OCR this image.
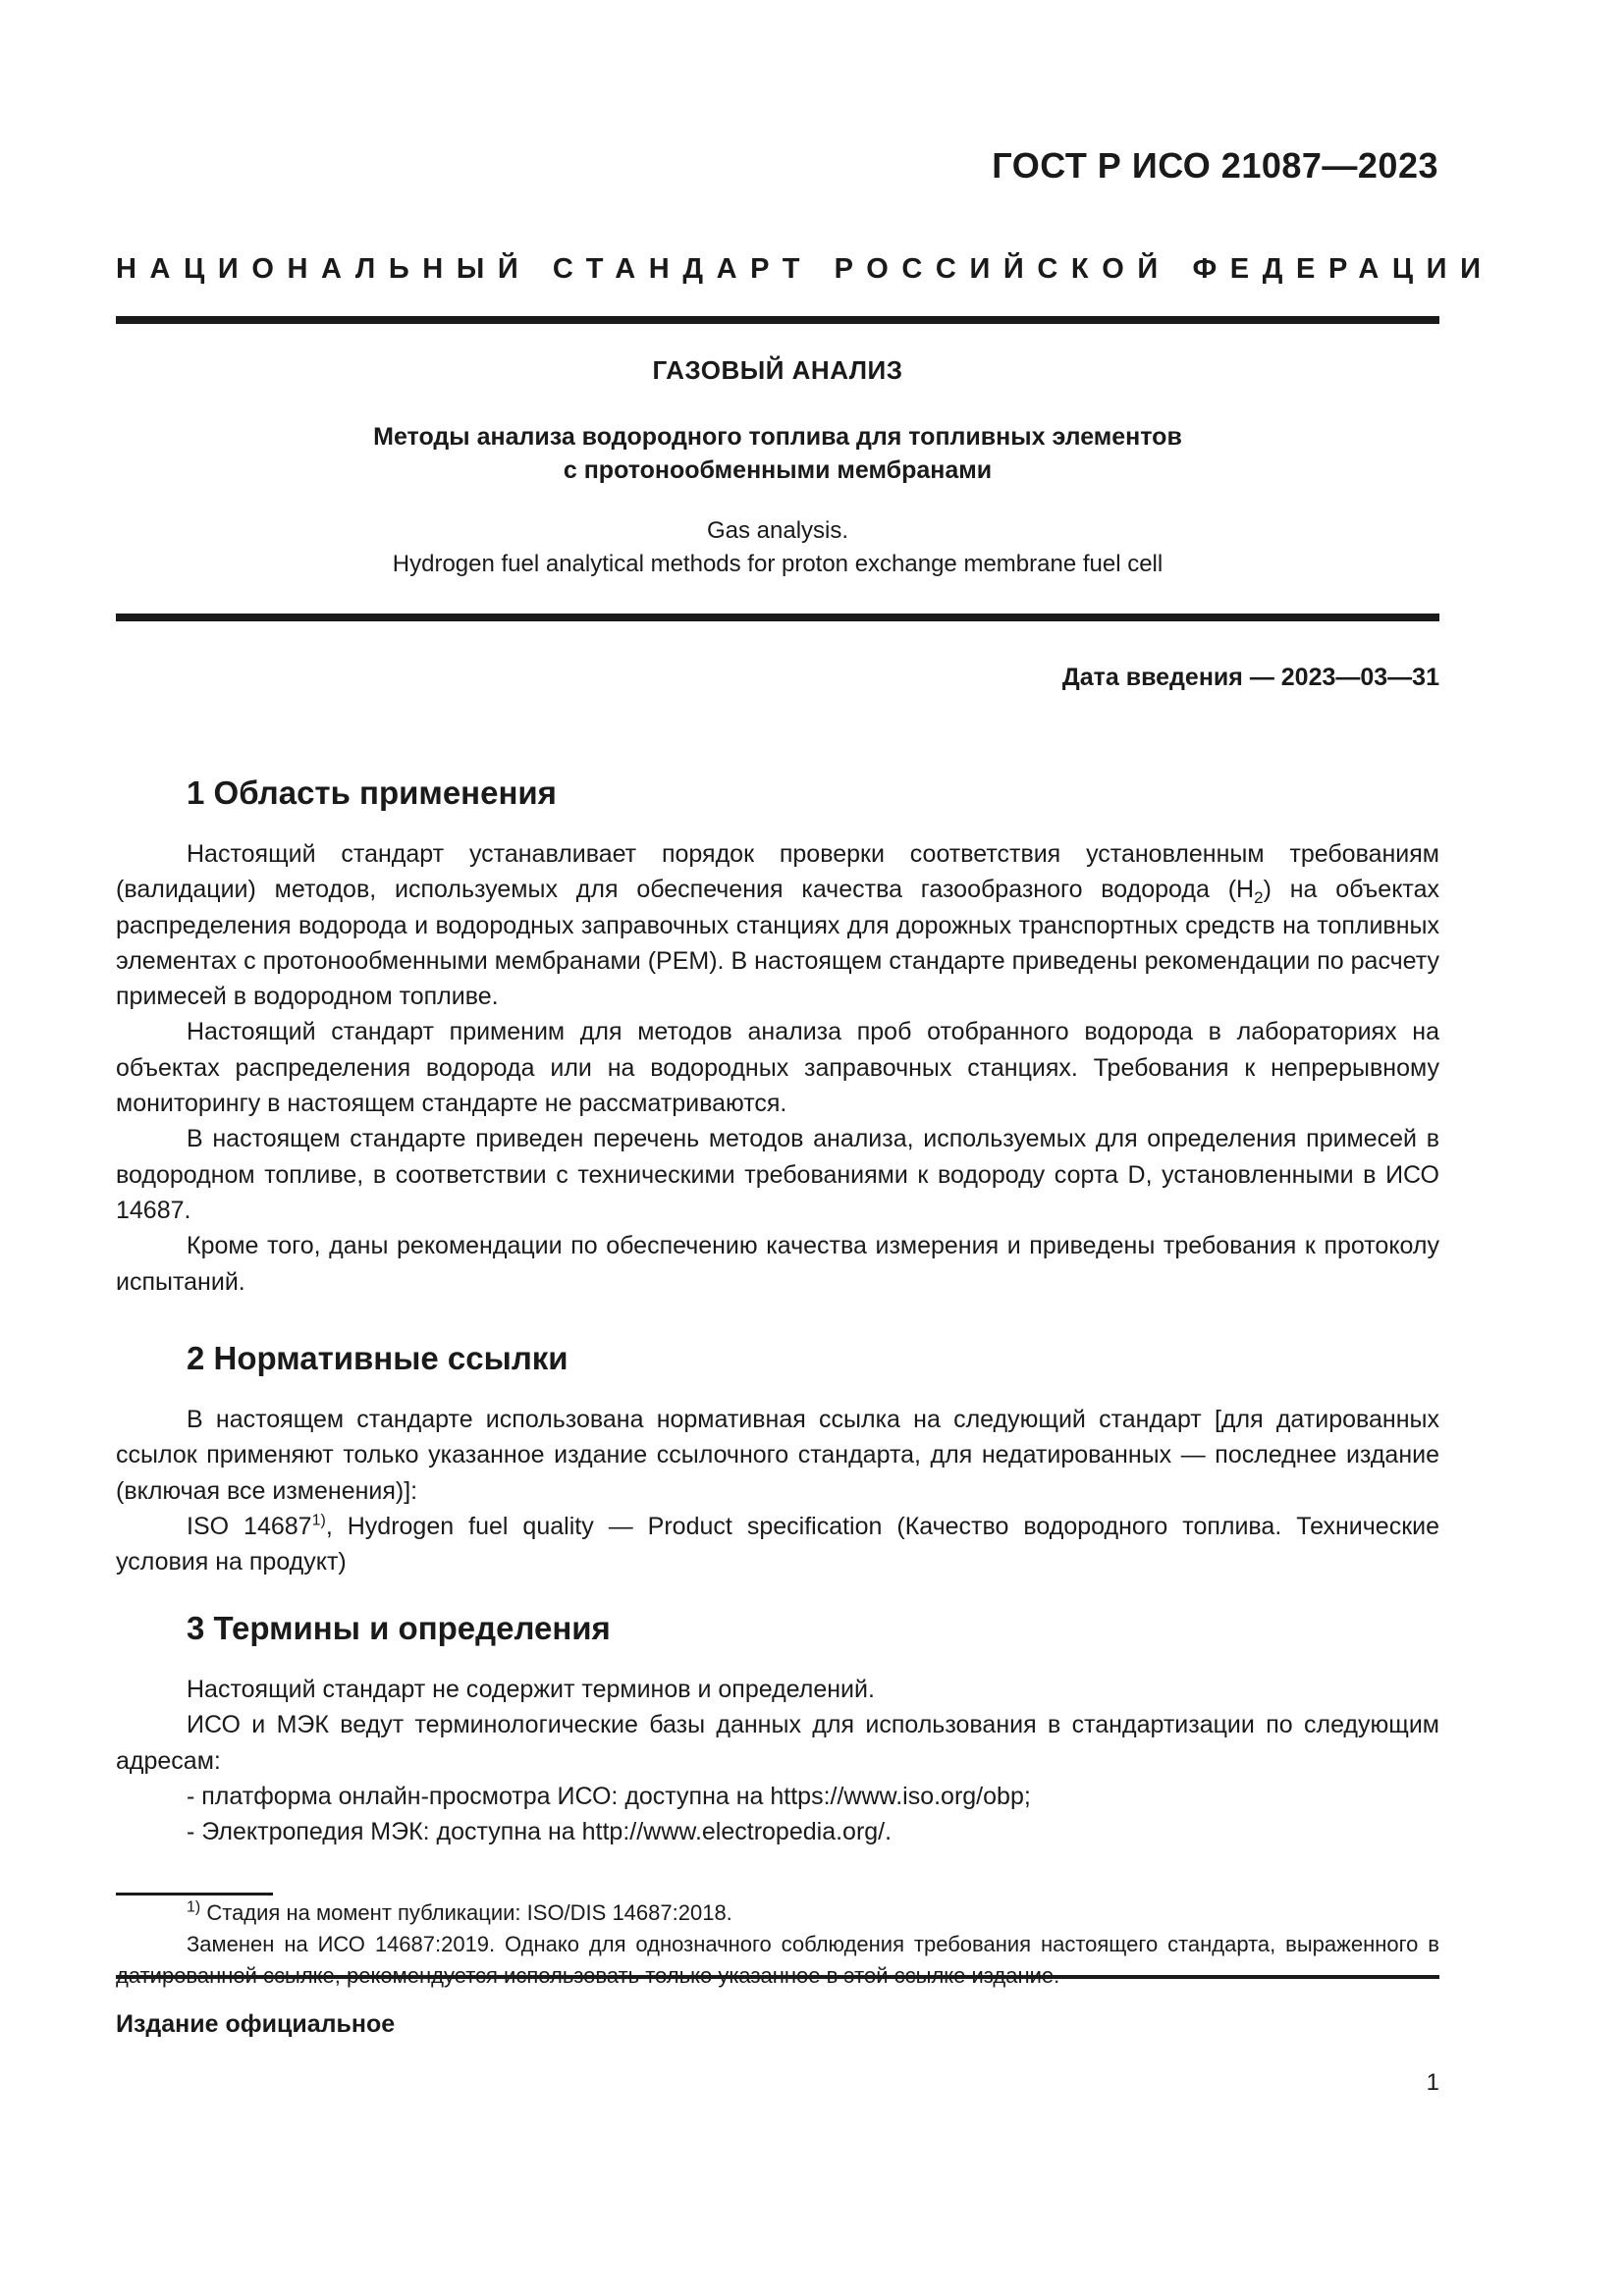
ГОСТ Р ИСО 21087—2023
НАЦИОНАЛЬНЫЙ СТАНДАРТ РОССИЙСКОЙ ФЕДЕРАЦИИ
ГАЗОВЫЙ АНАЛИЗ
Методы анализа водородного топлива для топливных элементов
с протонообменными мембранами
Gas analysis.
Hydrogen fuel analytical methods for proton exchange membrane fuel cell
Дата введения — 2023—03—31
1 Область применения

Настоящий стандарт устанавливает порядок проверки соответствия установленным требованиям (валидации) методов, используемых для обеспечения качества газообразного водорода $(H_2)$ на объектах распределения водорода и водородных заправочных станциях для дорожных транспортных средств на топливных элементах с протонообменными мембранами (PEM). В настоящем стандарте приведены рекомендации по расчету примесей в водородном топливе.

Настоящий стандарт применим для методов анализа проб отобранного водорода в лабораториях на объектах распределения водорода или на водородных заправочных станциях. Требования к непрерывному мониторингу в настоящем стандарте не рассматриваются.

В настоящем стандарте приведен перечень методов анализа, используемых для определения примесей в водородном топливе, в соответствии с техническими требованиями к водороду сорта D, установленными в ИСО 14687.

Кроме того, даны рекомендации по обеспечению качества измерения и приведены требования к протоколу испытаний.

2 Нормативные ссылки

В настоящем стандарте использована нормативная ссылка на следующий стандарт [для датированных ссылок применяют только указанное издание ссылочного стандарта, для недатированных — последнее издание (включая все изменения)]:

ISO 14687$^{1)}$, Hydrogen fuel quality — Product specification (Качество водородного топлива. Технические условия на продукт)

3 Термины и определения

Настоящий стандарт не содержит терминов и определений.

ИСО и МЭК ведут терминологические базы данных для использования в стандартизации по следующим адресам:

- платформа онлайн-просмотра ИСО: доступна на https://www.iso.org/obp;

- Электропедия МЭК: доступна на http://www.electropedia.org/.

$^{1)}$ Стадия на момент публикации: ISO/DIS 14687:2018.

Заменен на ИСО 14687:2019. Однако для однозначного соблюдения требования настоящего стандарта, выраженного в

Издание официальное
1
